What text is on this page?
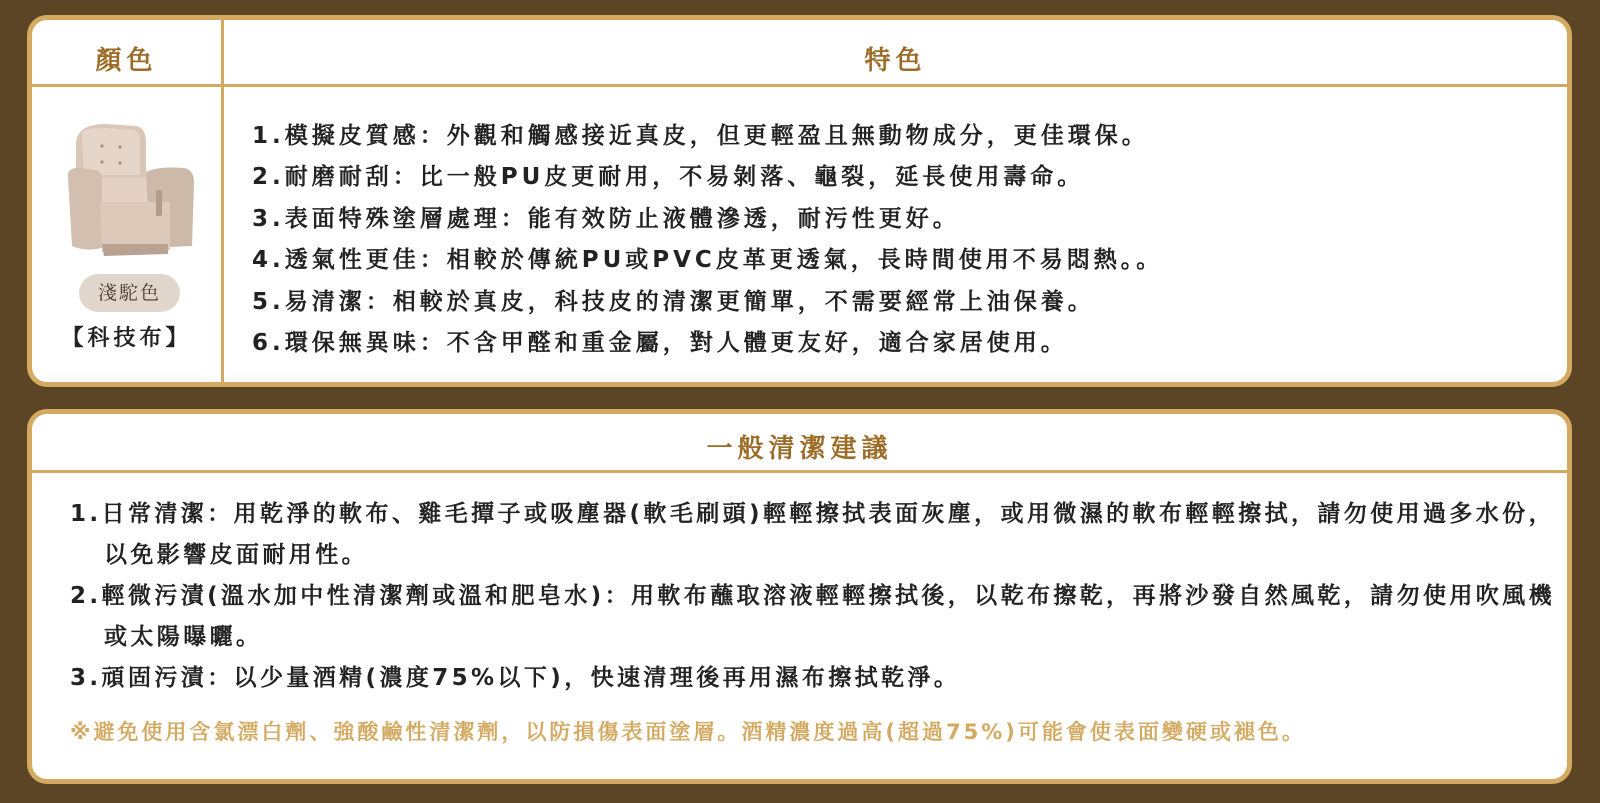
顏色	特色
淺駝色
【科技布】
1.模擬皮質感：外觀和觸感接近真皮，但更輕盈且無動物成分，更佳環保。
2.耐磨耐刮：比一般PU皮更耐用，不易剝落、龜裂，延長使用壽命。
3.表面特殊塗層處理：能有效防止液體滲透，耐污性更好。
4.透氣性更佳：相較於傳統PU或PVC皮革更透氣，長時間使用不易悶熱。。
5.易清潔：相較於真皮，科技皮的清潔更簡單，不需要經常上油保養。
6.環保無異味：不含甲醛和重金屬，對人體更友好，適合家居使用。
一般清潔建議
1.日常清潔：用乾淨的軟布、雞毛撢子或吸塵器(軟毛刷頭)輕輕擦拭表面灰塵，或用微濕的軟布輕輕擦拭，請勿使用過多水份，以免影響皮面耐用性。
2.輕微污漬(溫水加中性清潔劑或溫和肥皂水)：用軟布蘸取溶液輕輕擦拭後，以乾布擦乾，再將沙發自然風乾，請勿使用吹風機或太陽曝曬。
3.頑固污漬：以少量酒精(濃度75%以下)，快速清理後再用濕布擦拭乾淨。
※避免使用含氯漂白劑、強酸鹼性清潔劑，以防損傷表面塗層。酒精濃度過高(超過75%)可能會使表面變硬或褪色。
